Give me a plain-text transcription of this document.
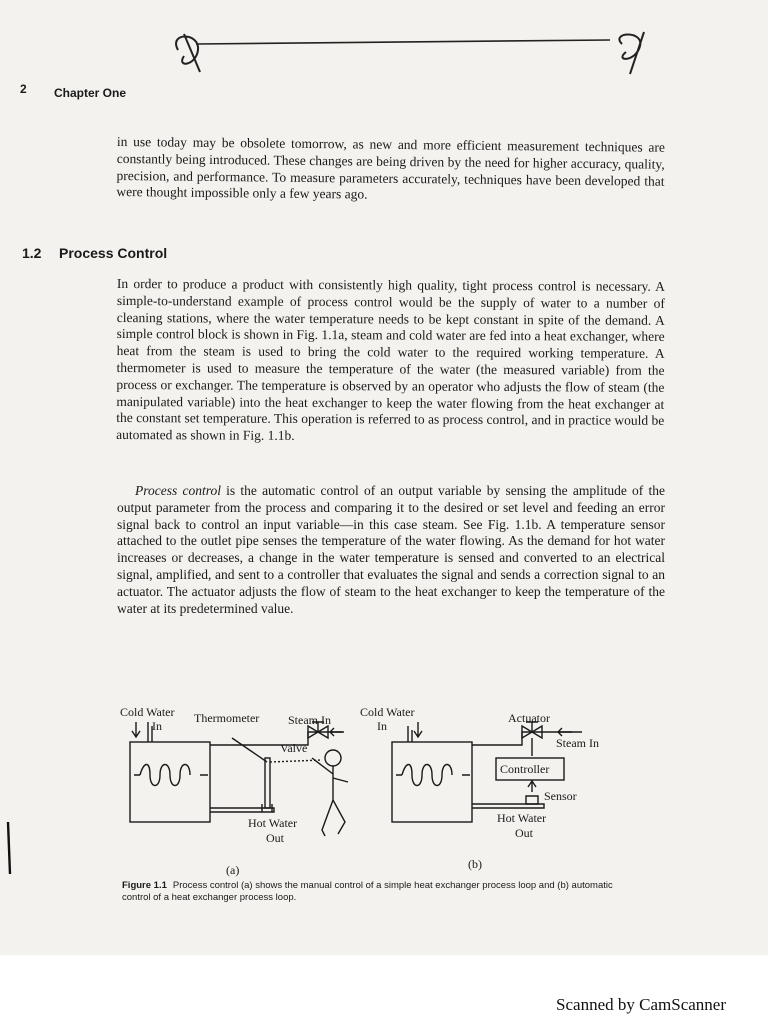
2 Chapter One

in use today may be obsolete tomorrow, as new and more efficient measurement techniques are constantly being introduced. These changes are being driven by the need for higher accuracy, quality, precision, and performance. To measure parameters accurately, techniques have been developed that were thought impossible only a few years ago.

1.2 Process Control

In order to produce a product with consistently high quality, tight process control is necessary. A simple-to-understand example of process control would be the supply of water to a number of cleaning stations, where the water temperature needs to be kept constant in spite of the demand. A simple control block is shown in Fig. 1.1a, steam and cold water are fed into a heat exchanger, where heat from the steam is used to bring the cold water to the required working temperature. A thermometer is used to measure the temperature of the water (the measured variable) from the process or exchanger. The temperature is observed by an operator who adjusts the flow of steam (the manipulated variable) into the heat exchanger to keep the water flowing from the heat exchanger at the constant set temperature. This operation is referred to as process control, and in practice would be automated as shown in Fig. 1.1b.

Process control is the automatic control of an output variable by sensing the amplitude of the output parameter from the process and comparing it to the desired or set level and feeding an error signal back to control an input variable—in this case steam. See Fig. 1.1b. A temperature sensor attached to the outlet pipe senses the temperature of the water flowing. As the demand for hot water increases or decreases, a change in the water temperature is sensed and converted to an electrical signal, amplified, and sent to a controller that evaluates the signal and sends a correction signal to an actuator. The actuator adjusts the flow of steam to the heat exchanger to keep the temperature of the water at its predetermined value.

Cold Water
In
Thermometer Steam In
Valve
Hot Water
Out
(a)
Cold Water
In
Actuator
Steam In
Controller
Sensor
Hot Water
Out
(b)

Figure 1.1 Process control (a) shows the manual control of a simple heat exchanger process loop and (b) automatic control of a heat exchanger process loop.

Scanned by CamScanner
